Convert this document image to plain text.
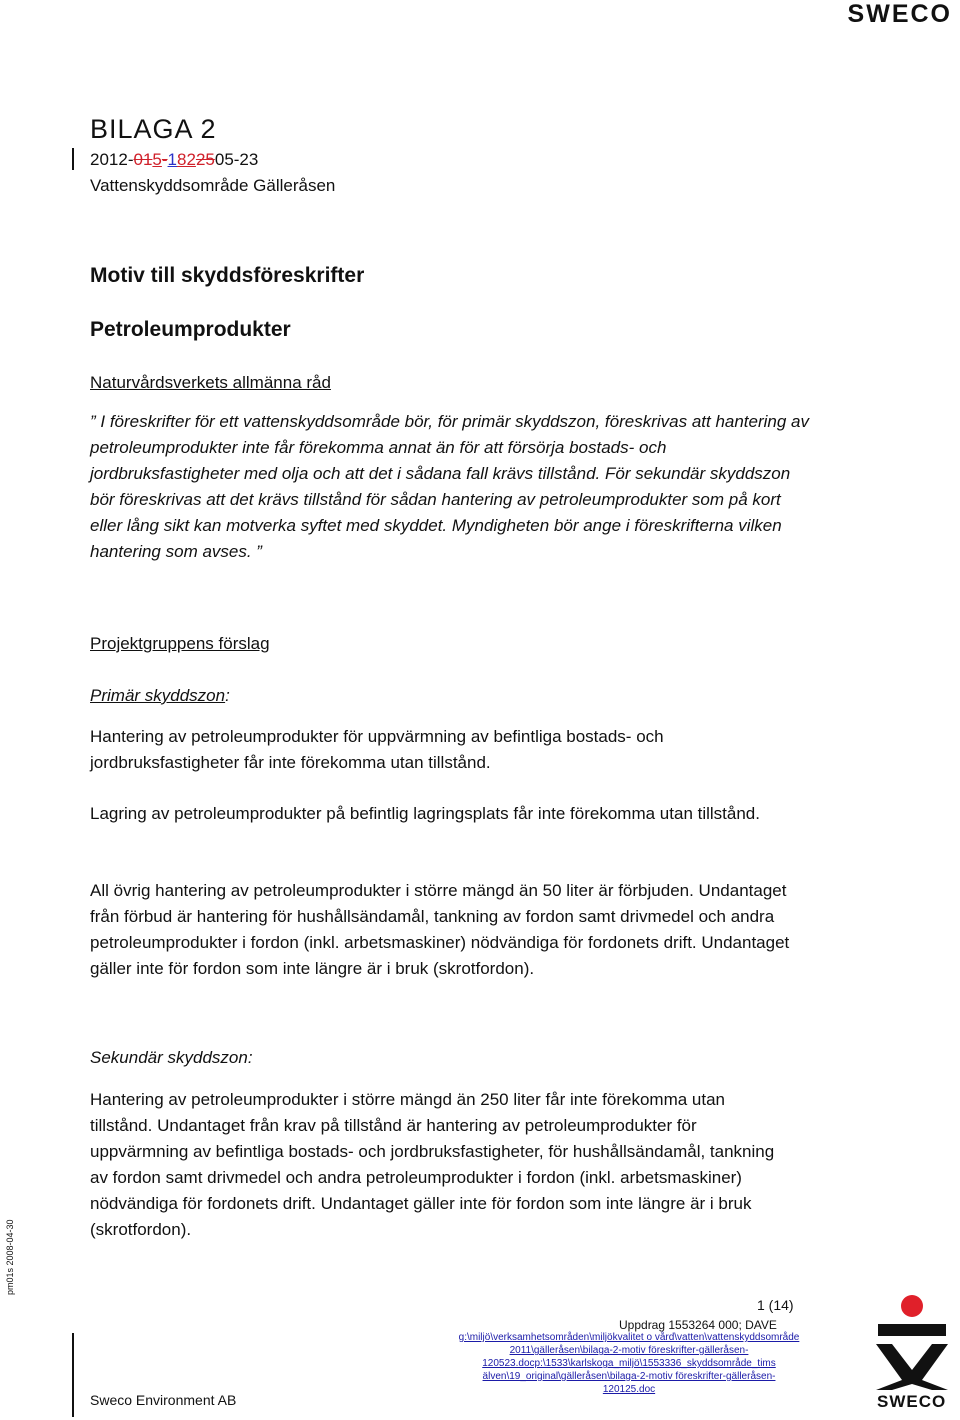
SWECO
BILAGA 2
2012-015-1822505-23
Vattenskyddsområde Gälleråsen
Motiv till skyddsföreskrifter
Petroleumprodukter
Naturvårdsverkets allmänna råd
” I föreskrifter för ett vattenskyddsområde bör, för primär skyddszon, föreskrivas att hantering av petroleumprodukter inte får förekomma annat än för att försörja bostads- och jordbruksfastigheter med olja och att det i sådana fall krävs tillstånd. För sekundär skyddszon bör föreskrivas att det krävs tillstånd för sådan hantering av petroleumprodukter som på kort eller lång sikt kan motverka syftet med skyddet. Myndigheten bör ange i föreskrifterna vilken hantering som avses. ”
Projektgruppens förslag
Primär skyddszon:
Hantering av petroleumprodukter för uppvärmning av befintliga bostads- och jordbruksfastigheter får inte förekomma utan tillstånd.
Lagring av petroleumprodukter på befintlig lagringsplats får inte förekomma utan tillstånd.
All övrig hantering av petroleumprodukter i större mängd än 50 liter är förbjuden. Undantaget från förbud är hantering för hushållsändamål, tankning av fordon samt drivmedel och andra petroleumprodukter i fordon (inkl. arbetsmaskiner) nödvändiga för fordonets drift. Undantaget gäller inte för fordon som inte längre är i bruk (skrotfordon).
Sekundär skyddszon:
Hantering av petroleumprodukter i större mängd än 250 liter får inte förekomma utan tillstånd. Undantaget från krav på tillstånd är hantering av petroleumprodukter för uppvärmning av befintliga bostads- och jordbruksfastigheter, för hushållsändamål, tankning av fordon samt drivmedel och andra petroleumprodukter i fordon (inkl. arbetsmaskiner) nödvändiga för fordonets drift. Undantaget gäller inte för fordon som inte längre är i bruk (skrotfordon).
pm01s 2008-04-30
1 (14)
Sweco Environment AB
Uppdrag 1553264 000; DAVE
g:\miljö\verksamhetsområden\miljökvalitet o vård\vatten\vattenskyddsområde 2011\gälleråsen\bilaga-2-motiv föreskrifter-gälleråsen-
120523.docp:\1533\karlskoga_miljö\1553336_skyddsområde_tims älven\19_original\gälleråsen\bilaga-2-motiv föreskrifter-gälleråsen-
120125.doc
SWECO
